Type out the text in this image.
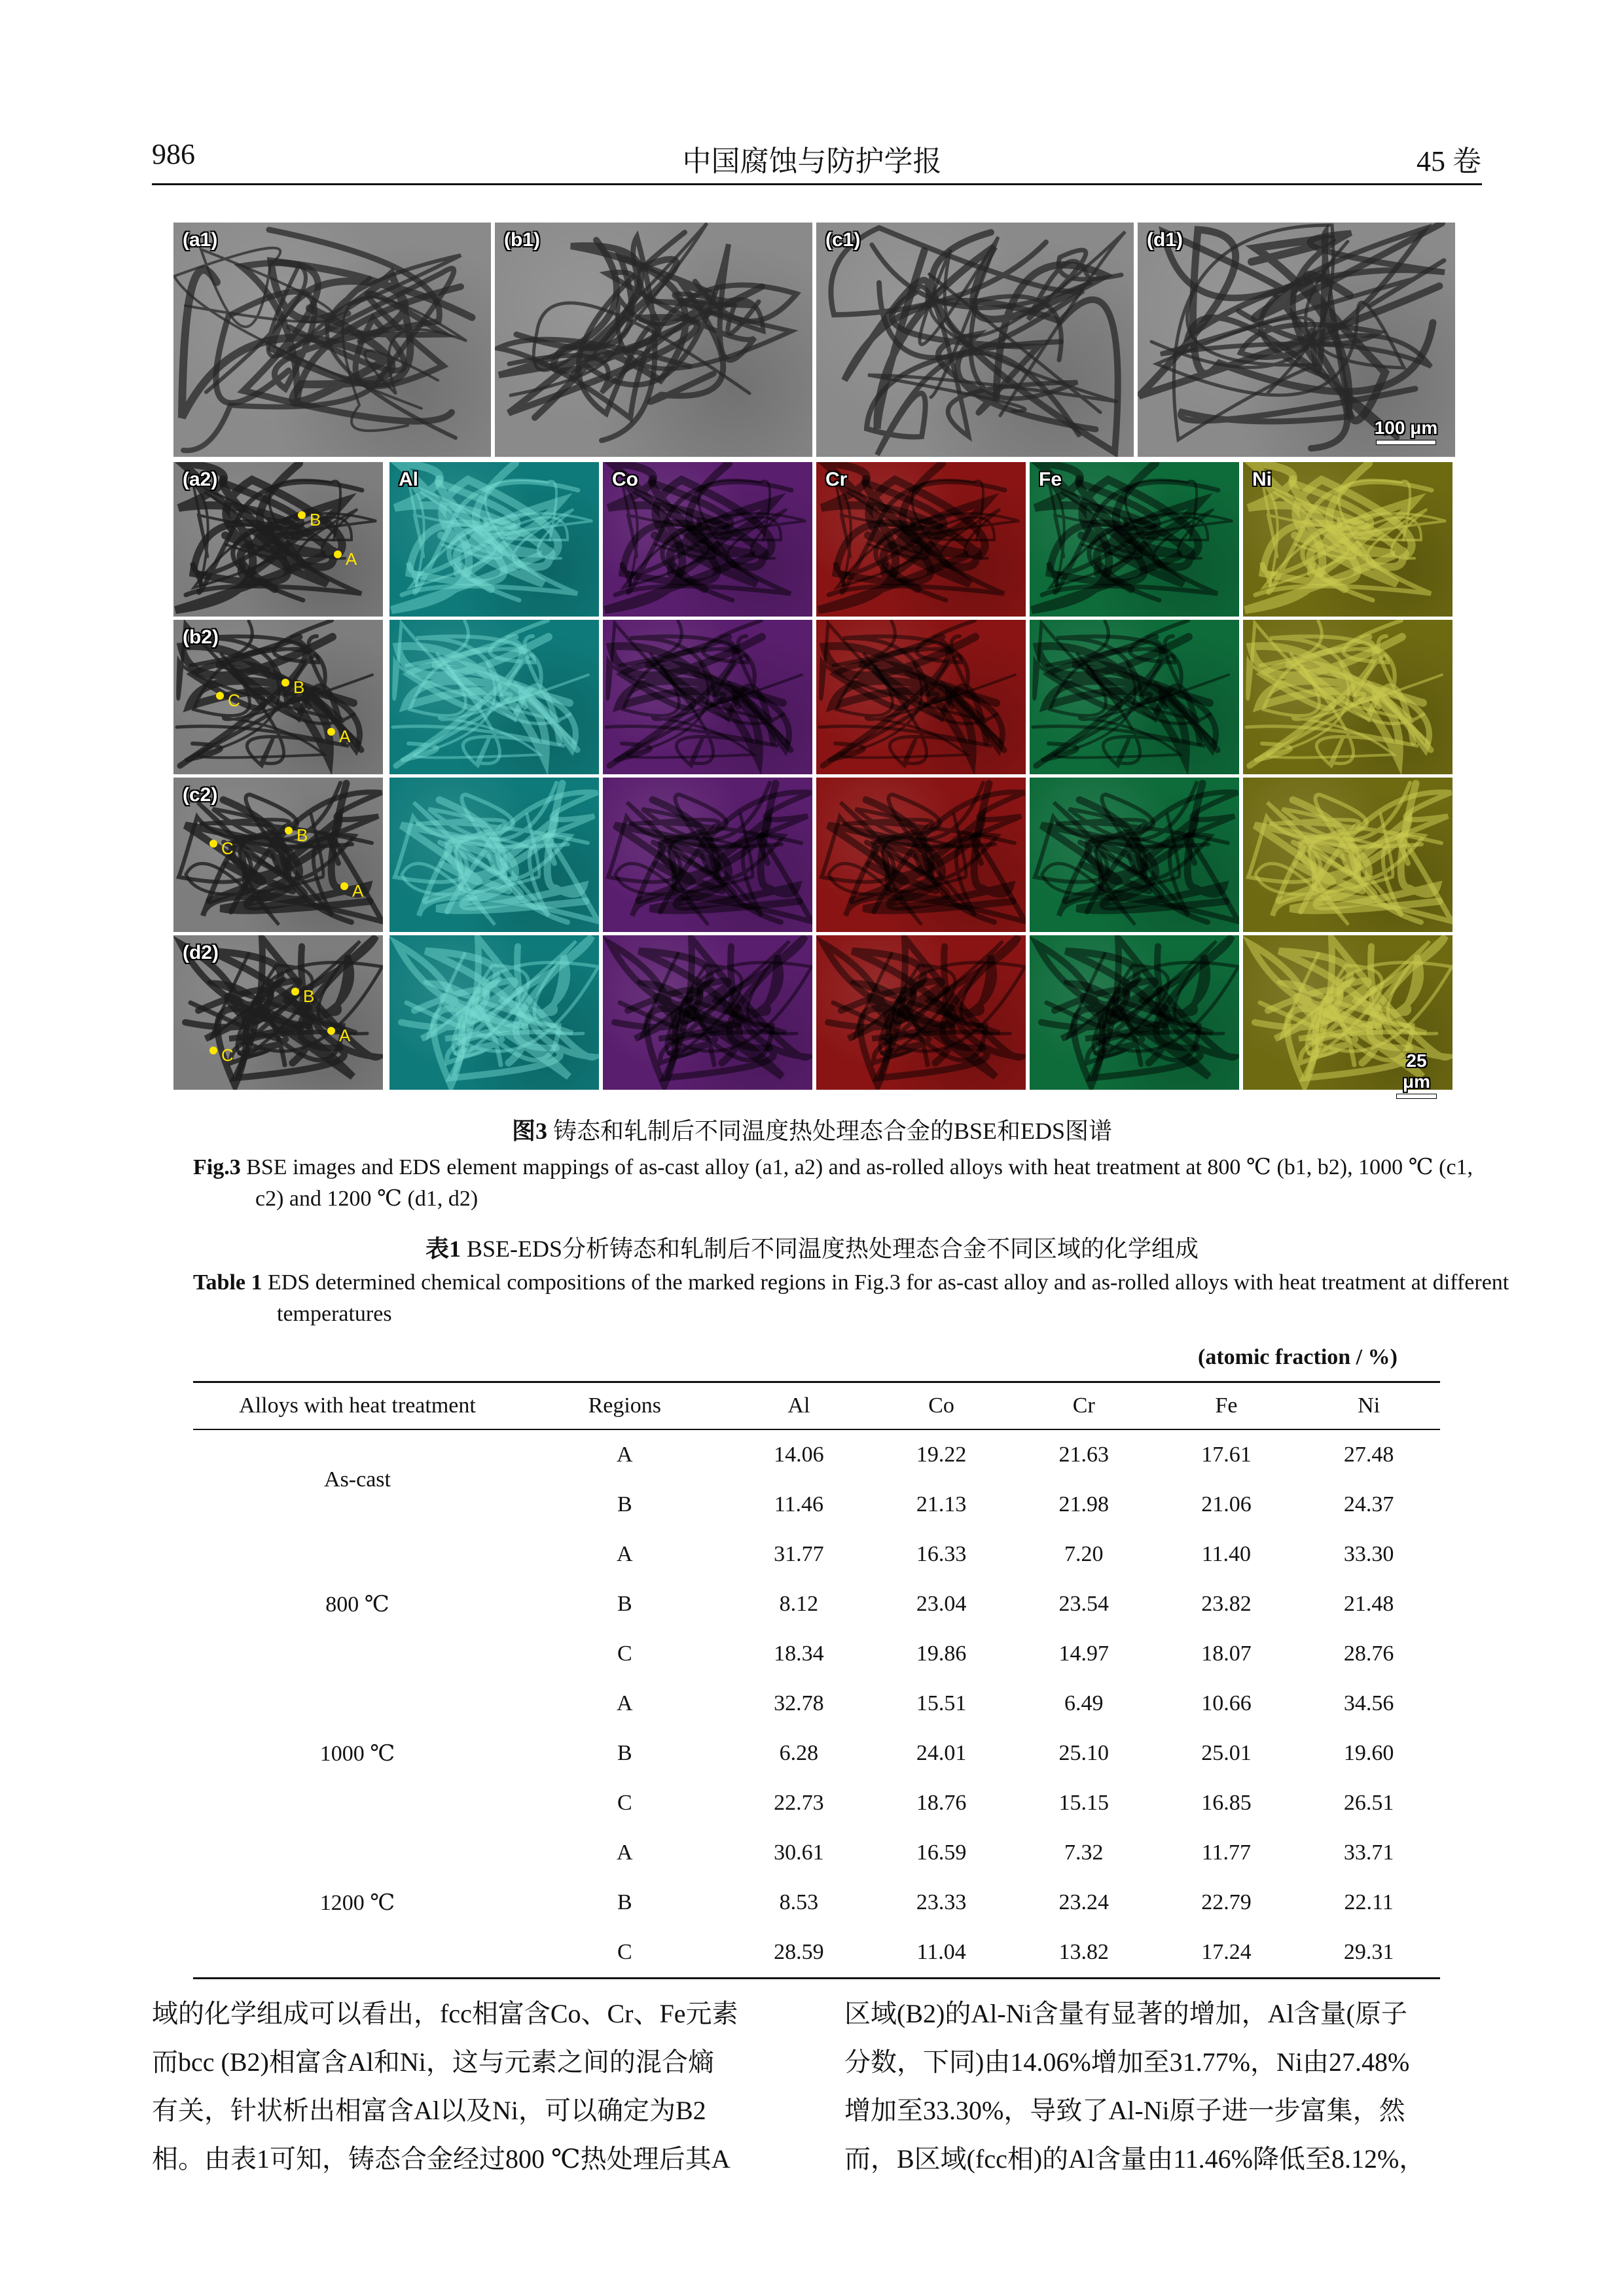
986	中国腐蚀与防护学报	45 卷
(a1)	(b1)	(c1)	(d1)
100 μm
(a2)
B
A
Al	Co	Cr	Fe	Ni
(b2)
B
C
A
(c2)
B
C
A
(d2)
B
C
A
25 μm
图3 铸态和轧制后不同温度热处理态合金的BSE和EDS图谱
Fig.3 BSE images and EDS element mappings of as-cast alloy (a1, a2) and as-rolled alloys with heat treatment at 800 ℃ (b1, b2), 1000 ℃ (c1, c2) and 1200 ℃ (d1, d2)
表1 BSE-EDS分析铸态和轧制后不同温度热处理态合金不同区域的化学组成
Table 1 EDS determined chemical compositions of the marked regions in Fig.3 for as-cast alloy and as-rolled alloys with heat treatment at different temperatures
(atomic fraction / %)
Alloys with heat treatment	Regions	Al	Co	Cr	Fe	Ni
As-cast	A	14.06	19.22	21.63	17.61	27.48
	B	11.46	21.13	21.98	21.06	24.37
800 ℃	A	31.77	16.33	7.20	11.40	33.30
	B	8.12	23.04	23.54	23.82	21.48
	C	18.34	19.86	14.97	18.07	28.76
1000 ℃	A	32.78	15.51	6.49	10.66	34.56
	B	6.28	24.01	25.10	25.01	19.60
	C	22.73	18.76	15.15	16.85	26.51
1200 ℃	A	30.61	16.59	7.32	11.77	33.71
	B	8.53	23.33	23.24	22.79	22.11
	C	28.59	11.04	13.82	17.24	29.31
域的化学组成可以看出，fcc相富含Co、Cr、Fe元素
而bcc (B2)相富含Al和Ni，这与元素之间的混合熵
有关，针状析出相富含Al以及Ni，可以确定为B2
相。由表1可知，铸态合金经过800 ℃热处理后其A
区域(B2)的Al-Ni含量有显著的增加，Al含量(原子
分数，下同)由14.06%增加至31.77%，Ni由27.48%
增加至33.30%，导致了Al-Ni原子进一步富集，然
而，B区域(fcc相)的Al含量由11.46%降低至8.12%，
